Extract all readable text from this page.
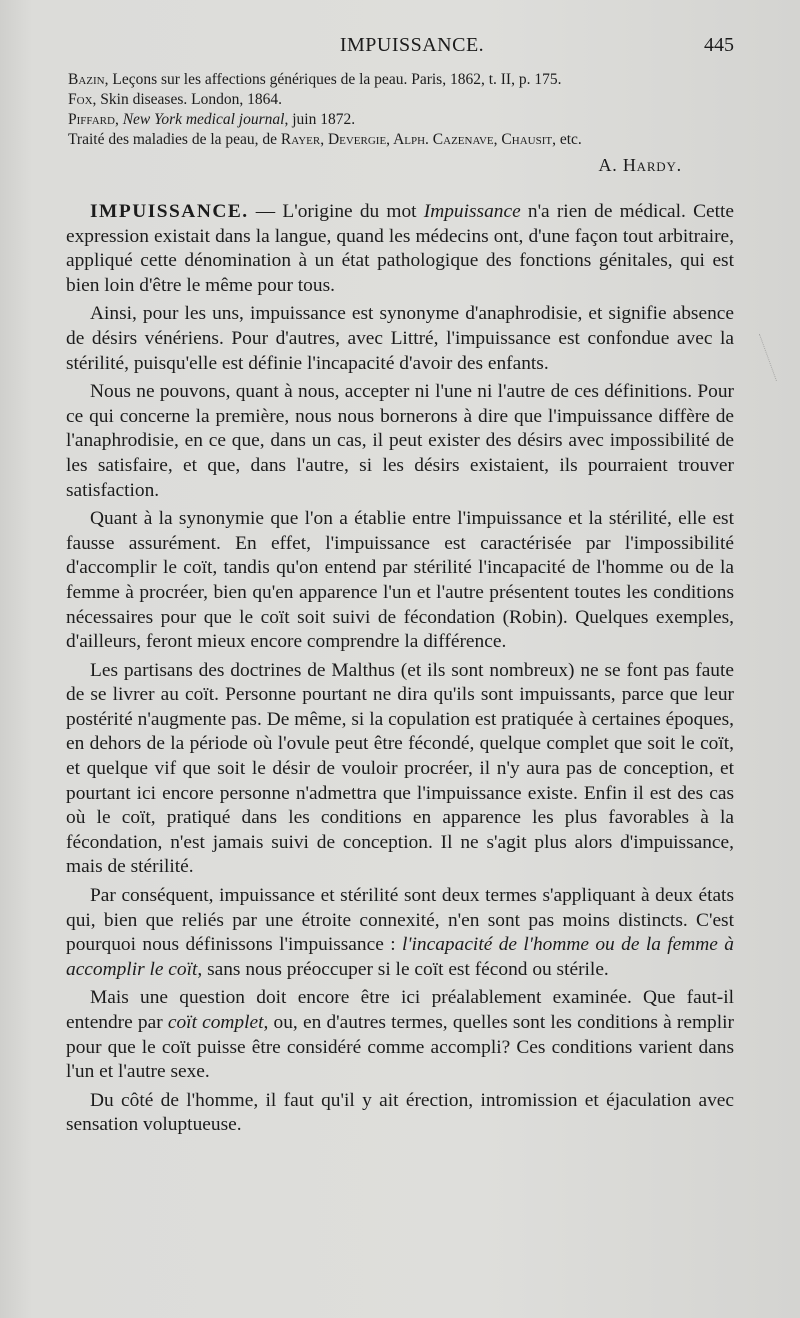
IMPUISSANCE.	445

Bazin, Leçons sur les affections génériques de la peau. Paris, 1862, t. II, p. 175.

Fox, Skin diseases. London, 1864.

Piffard, New York medical journal, juin 1872.

Traité des maladies de la peau, de Rayer, Devergie, Alph. Cazenave, Chausit, etc.

A. Hardy.

IMPUISSANCE. — L'origine du mot Impuissance n'a rien de médical. Cette expression existait dans la langue, quand les médecins ont, d'une façon tout arbitraire, appliqué cette dénomination à un état pathologique des fonctions génitales, qui est bien loin d'être le même pour tous.

Ainsi, pour les uns, impuissance est synonyme d'anaphrodisie, et signifie absence de désirs vénériens. Pour d'autres, avec Littré, l'impuissance est confondue avec la stérilité, puisqu'elle est définie l'incapacité d'avoir des enfants.

Nous ne pouvons, quant à nous, accepter ni l'une ni l'autre de ces définitions. Pour ce qui concerne la première, nous nous bornerons à dire que l'impuissance diffère de l'anaphrodisie, en ce que, dans un cas, il peut exister des désirs avec impossibilité de les satisfaire, et que, dans l'autre, si les désirs existaient, ils pourraient trouver satisfaction.

Quant à la synonymie que l'on a établie entre l'impuissance et la stérilité, elle est fausse assurément. En effet, l'impuissance est caractérisée par l'impossibilité d'accomplir le coït, tandis qu'on entend par stérilité l'incapacité de l'homme ou de la femme à procréer, bien qu'en apparence l'un et l'autre présentent toutes les conditions nécessaires pour que le coït soit suivi de fécondation (Robin). Quelques exemples, d'ailleurs, feront mieux encore comprendre la différence.

Les partisans des doctrines de Malthus (et ils sont nombreux) ne se font pas faute de se livrer au coït. Personne pourtant ne dira qu'ils sont impuissants, parce que leur postérité n'augmente pas. De même, si la copulation est pratiquée à certaines époques, en dehors de la période où l'ovule peut être fécondé, quelque complet que soit le coït, et quelque vif que soit le désir de vouloir procréer, il n'y aura pas de conception, et pourtant ici encore personne n'admettra que l'impuissance existe. Enfin il est des cas où le coït, pratiqué dans les conditions en apparence les plus favorables à la fécondation, n'est jamais suivi de conception. Il ne s'agit plus alors d'impuissance, mais de stérilité.

Par conséquent, impuissance et stérilité sont deux termes s'appliquant à deux états qui, bien que reliés par une étroite connexité, n'en sont pas moins distincts. C'est pourquoi nous définissons l'impuissance : l'incapacité de l'homme ou de la femme à accomplir le coït, sans nous préoccuper si le coït est fécond ou stérile.

Mais une question doit encore être ici préalablement examinée. Que faut-il entendre par coït complet, ou, en d'autres termes, quelles sont les conditions à remplir pour que le coït puisse être considéré comme accompli? Ces conditions varient dans l'un et l'autre sexe.

Du côté de l'homme, il faut qu'il y ait érection, intromission et éjaculation avec sensation voluptueuse.
